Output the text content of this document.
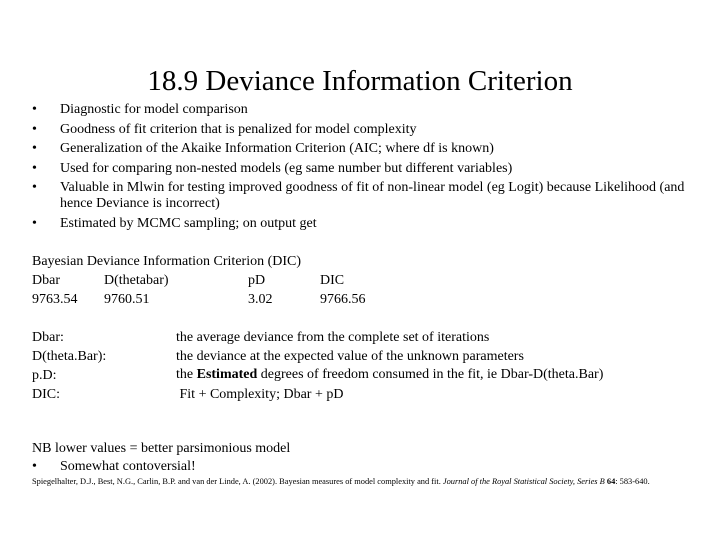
18.9 Deviance Information Criterion
• Diagnostic for model comparison
• Goodness of fit criterion that is penalized for model complexity
• Generalization of the Akaike Information Criterion (AIC; where df is known)
• Used for comparing non-nested models (eg same number but different variables)
• Valuable in Mlwin for testing improved goodness of fit of non-linear model (eg Logit) because Likelihood (and hence Deviance is incorrect)
• Estimated by MCMC sampling; on output get
Bayesian Deviance Information Criterion (DIC)
Dbar	D(thetabar)	pD	DIC
9763.54 9760.51	3.02	9766.56
Dbar:	the average deviance from the complete set of iterations
D(theta.Bar):	the deviance at the expected value of the unknown parameters
p.D:	the Estimated degrees of freedom consumed in the fit, ie Dbar-D(theta.Bar)
DIC:	Fit + Complexity; Dbar + pD
NB lower values = better parsimonious model
• Somewhat contoversial!
Spiegelhalter, D.J., Best, N.G., Carlin, B.P. and van der Linde, A. (2002). Bayesian measures of model complexity and fit. Journal of the Royal Statistical Society, Series B 64: 583-640.
